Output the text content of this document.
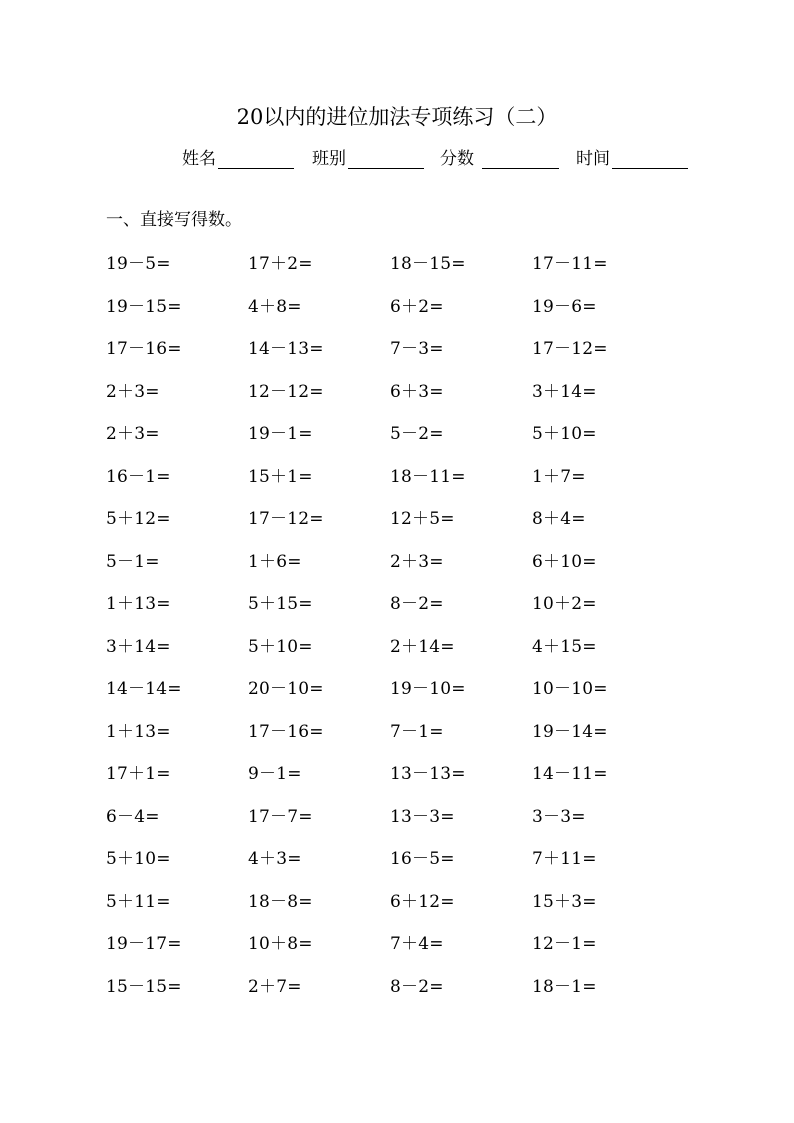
20以内的进位加法专项练习（二）
姓名	班别	分数	时间
一、直接写得数。
19－5=	17＋2=	18－15=	17－11=
19－15=	4＋8=	6＋2=	19－6=
17－16=	14－13=	7－3=	17－12=
2＋3=	12－12=	6＋3=	3＋14=
2＋3=	19－1=	5－2=	5＋10=
16－1=	15＋1=	18－11=	1＋7=
5＋12=	17－12=	12＋5=	8＋4=
5－1=	1＋6=	2＋3=	6＋10=
1＋13=	5＋15=	8－2=	10＋2=
3＋14=	5＋10=	2＋14=	4＋15=
14－14=	20－10=	19－10=	10－10=
1＋13=	17－16=	7－1=	19－14=
17＋1=	9－1=	13－13=	14－11=
6－4=	17－7=	13－3=	3－3=
5＋10=	4＋3=	16－5=	7＋11=
5＋11=	18－8=	6＋12=	15＋3=
19－17=	10＋8=	7＋4=	12－1=
15－15=	2＋7=	8－2=	18－1=
